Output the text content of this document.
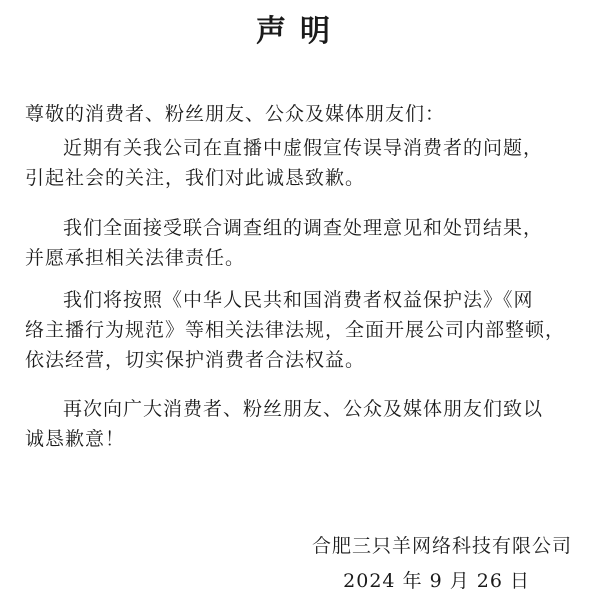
声明
尊敬的消费者、粉丝朋友、公众及媒体朋友们：
近期有关我公司在直播中虚假宣传误导消费者的问题，
引起社会的关注，我们对此诚恳致歉。
我们全面接受联合调查组的调查处理意见和处罚结果，
并愿承担相关法律责任。
我们将按照《中华人民共和国消费者权益保护法》《网
络主播行为规范》等相关法律法规，全面开展公司内部整顿，
依法经营，切实保护消费者合法权益。
再次向广大消费者、粉丝朋友、公众及媒体朋友们致以
诚恳歉意！
合肥三只羊网络科技有限公司
2024 年 9 月 26 日
